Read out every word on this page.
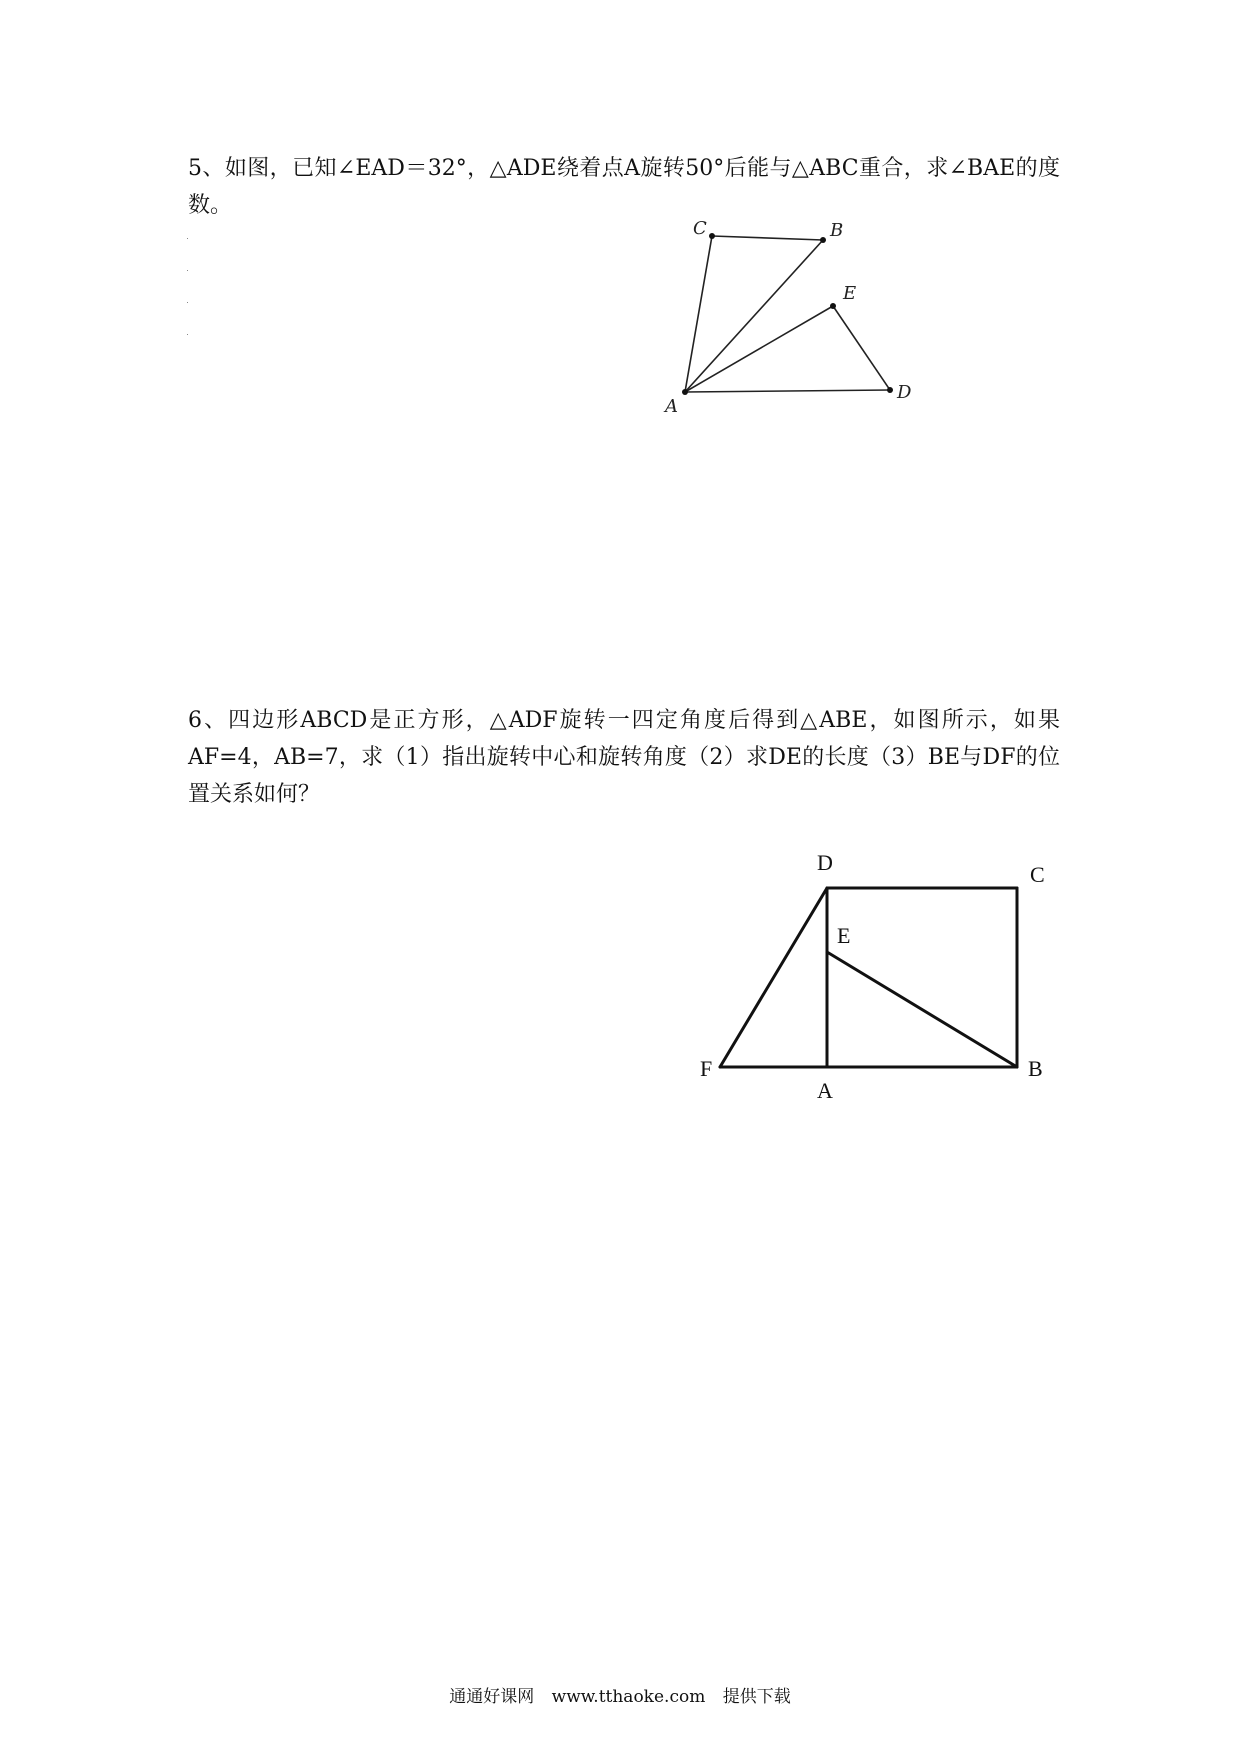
5、如图，已知∠EAD＝32°，△ADE绕着点A旋转50°后能与△ABC重合，求∠BAE的度数。

A
C	B
E
D

6、四边形ABCD是正方形，△ADF旋转一四定角度后得到△ABE，如图所示，如果AF=4，AB=7，求（1）指出旋转中心和旋转角度（2）求DE的长度（3）BE与DF的位置关系如何？

D	C
E
F
A
B
通通好课网 www.tthaoke.com 提供下载
